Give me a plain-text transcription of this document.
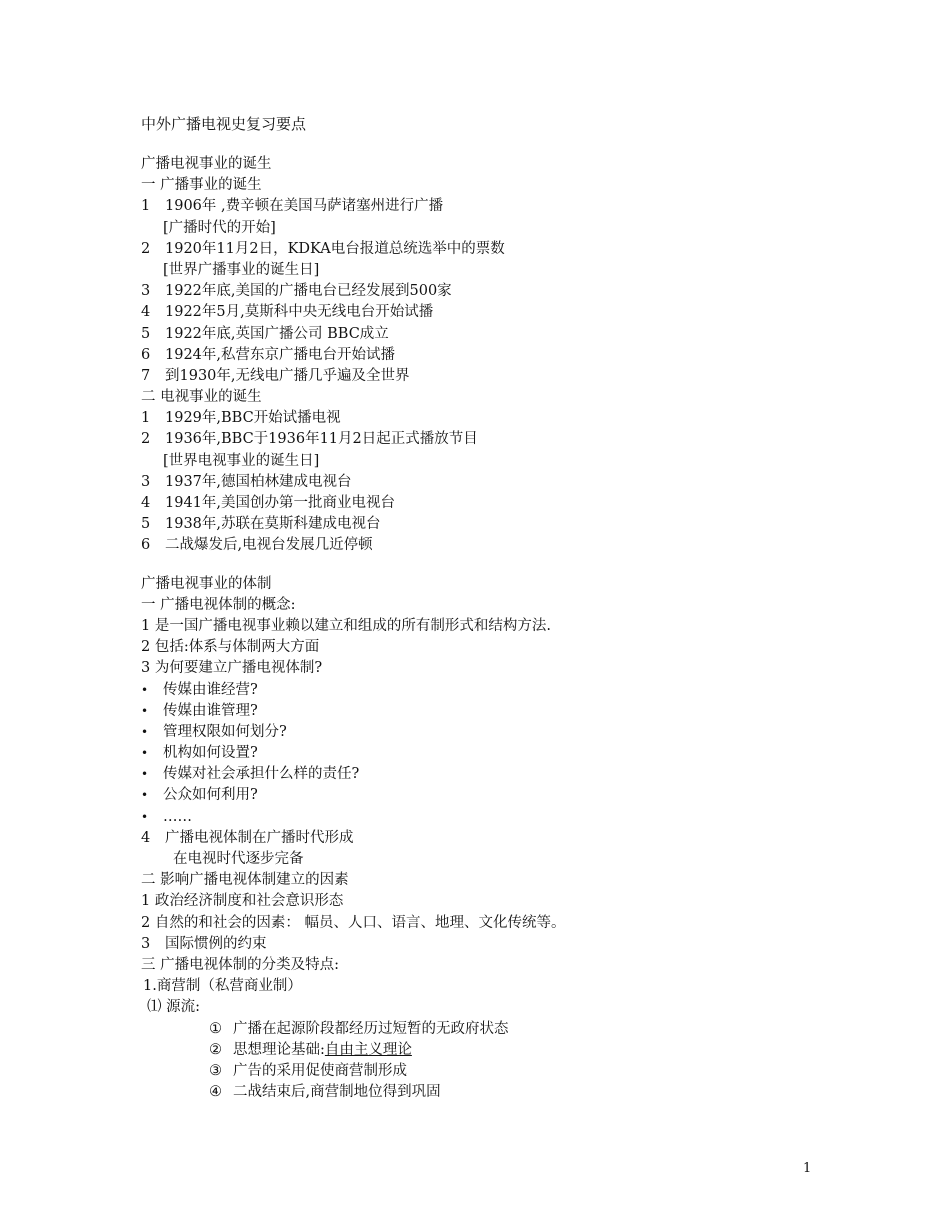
中外广播电视史复习要点
广播电视事业的诞生
一 广播事业的诞生
1 1906年 ,费辛顿在美国马萨诸塞州进行广播
[广播时代的开始]
2 1920年11月2日，KDKA电台报道总统选举中的票数
[世界广播事业的诞生日]
3 1922年底,美国的广播电台已经发展到500家
4 1922年5月,莫斯科中央无线电台开始试播
5 1922年底,英国广播公司 BBC成立
6 1924年,私营东京广播电台开始试播
7 到1930年,无线电广播几乎遍及全世界
二 电视事业的诞生
1 1929年,BBC开始试播电视
2 1936年,BBC于1936年11月2日起正式播放节目
[世界电视事业的诞生日]
3 1937年,德国柏林建成电视台
4 1941年,美国创办第一批商业电视台
5 1938年,苏联在莫斯科建成电视台
6 二战爆发后,电视台发展几近停顿
广播电视事业的体制
一 广播电视体制的概念:
1 是一国广播电视事业赖以建立和组成的所有制形式和结构方法.
2 包括:体系与体制两大方面
3 为何要建立广播电视体制?
• 传媒由谁经营?
• 传媒由谁管理?
• 管理权限如何划分?
• 机构如何设置?
• 传媒对社会承担什么样的责任?
• 公众如何利用?
• ……
4 广播电视体制在广播时代形成
在电视时代逐步完备
二 影响广播电视体制建立的因素
1 政治经济制度和社会意识形态
2 自然的和社会的因素： 幅员、人口、语言、地理、文化传统等。
3 国际惯例的约束
三 广播电视体制的分类及特点:
1.商营制（私营商业制）
⑴ 源流:
① 广播在起源阶段都经历过短暂的无政府状态
② 思想理论基础:自由主义理论
③ 广告的采用促使商营制形成
④ 二战结束后,商营制地位得到巩固
1
